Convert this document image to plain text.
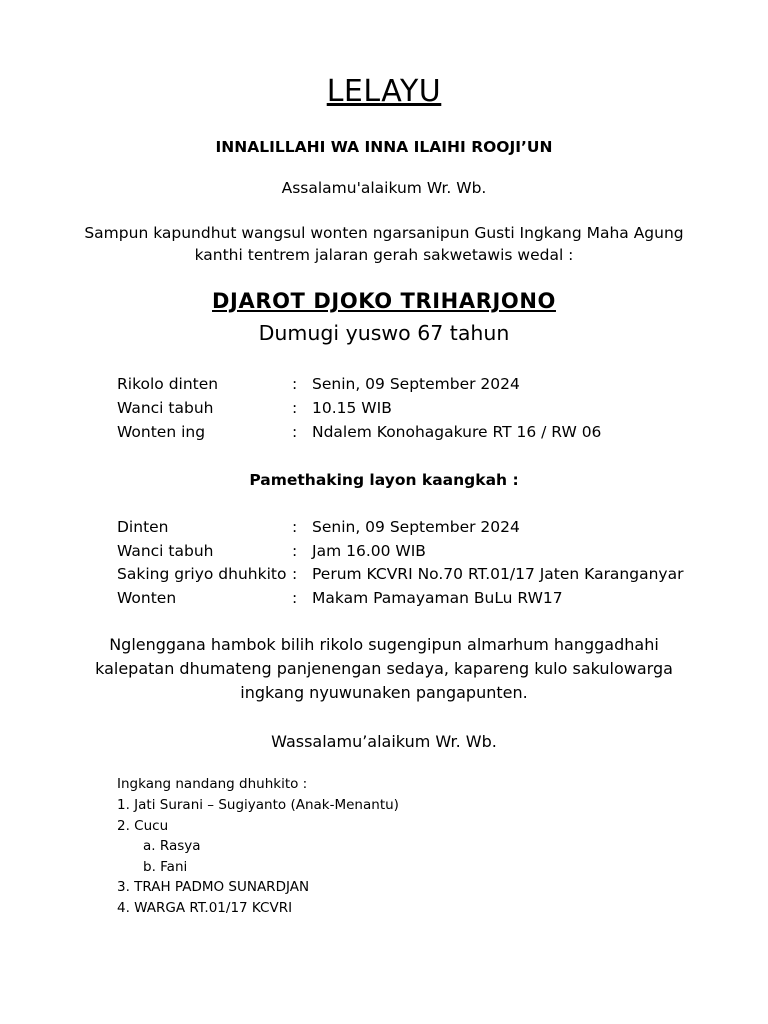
LELAYU
INNALILLAHI WA INNA ILAIHI ROOJI’UN
Assalamu'alaikum Wr. Wb.
Sampun kapundhut wangsul wonten ngarsanipun Gusti Ingkang Maha Agung
kanthi tentrem jalaran gerah sakwetawis wedal :
DJAROT DJOKO TRIHARJONO
Dumugi yuswo 67 tahun
Rikolo dinten	: Senin, 09 September 2024
Wanci tabuh	: 10.15 WIB
Wonten ing	: Ndalem Konohagakure RT 16 / RW 06
Pamethaking layon kaangkah :
Dinten	: Senin, 09 September 2024
Wanci tabuh	: Jam 16.00 WIB
Saking griyo dhuhkito : Perum KCVRI No.70 RT.01/17 Jaten Karanganyar
Wonten	: Makam Pamayaman BuLu RW17
Nglenggana hambok bilih rikolo sugengipun almarhum hanggadhahi
kalepatan dhumateng panjenengan sedaya, kapareng kulo sakulowarga
ingkang nyuwunaken pangapunten.
Wassalamu’alaikum Wr. Wb.
Ingkang nandang dhuhkito :
1. Jati Surani – Sugiyanto (Anak-Menantu)
2. Cucu
a. Rasya
b. Fani
3. TRAH PADMO SUNARDJAN
4. WARGA RT.01/17 KCVRI
